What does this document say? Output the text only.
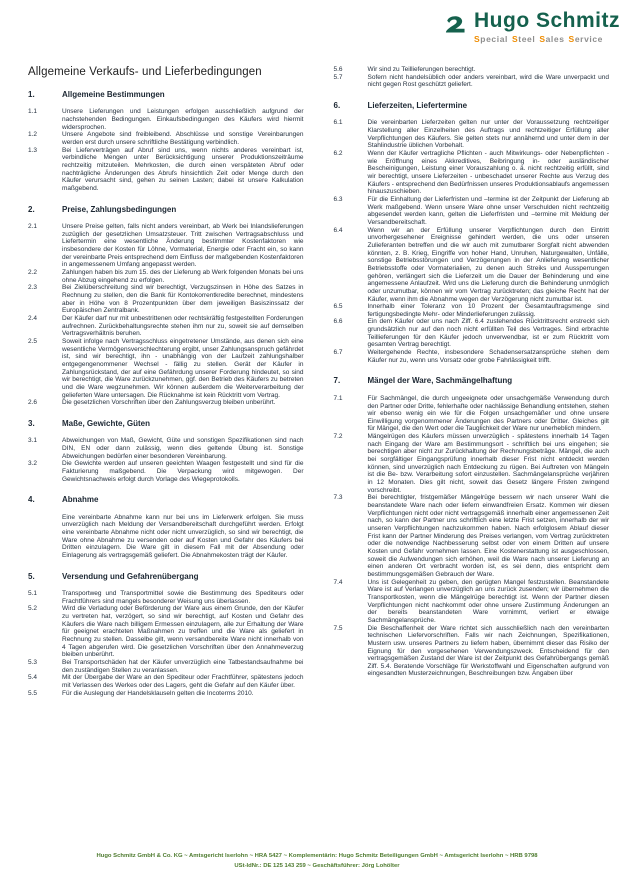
Hugo Schmitz
Special Steel Sales Service
Allgemeine Verkaufs- und Lieferbedingungen
1.	Allgemeine Bestimmungen
1.1	Unsere Lieferungen und Leistungen erfolgen ausschließlich aufgrund der nachstehenden Bedingungen. Einkaufsbedingungen des Käufers wird hiermit widersprochen.
1.2	Unsere Angebote sind freibleibend. Abschlüsse und sonstige Vereinbarungen werden erst durch unsere schriftliche Bestätigung verbindlich.
1.3	Bei Lieferverträgen auf Abruf sind uns, wenn nichts anderes vereinbart ist, verbindliche Mengen unter Berücksichtigung unserer Produktionszeiträume rechtzeitig mitzuteilen. Mehrkosten, die durch einen verspäteten Abruf oder nachträgliche Änderungen des Abrufs hinsichtlich Zeit oder Menge durch den Käufer verursacht sind, gehen zu seinen Lasten; dabei ist unsere Kalkulation maßgebend.
2.	Preise, Zahlungsbedingungen
2.1	Unsere Preise gelten, falls nicht anders vereinbart, ab Werk bei Inlandslieferungen zuzüglich der gesetzlichen Umsatzsteuer. Tritt zwischen Vertragsabschluss und Liefertermin eine wesentliche Änderung bestimmter Kostenfaktoren wie insbesondere der Kosten für Löhne, Vormaterial, Energie oder Fracht ein, so kann der vereinbarte Preis entsprechend dem Einfluss der maßgebenden Kostenfaktoren in angemessenem Umfang angepasst werden.
2.2	Zahlungen haben bis zum 15. des der Lieferung ab Werk folgenden Monats bei uns ohne Abzug eingehend zu erfolgen.
2.3	Bei Zielüberschreitung sind wir berechtigt, Verzugszinsen in Höhe des Satzes in Rechnung zu stellen, den die Bank für Kontokorrentkredite berechnet, mindestens aber in Höhe von 8 Prozentpunkten über dem jeweiligen Basiszinssatz der Europäischen Zentralbank.
2.4	Der Käufer darf nur mit unbestrittenen oder rechtskräftig festgestellten Forderungen aufrechnen. Zurückbehaltungsrechte stehen ihm nur zu, soweit sie auf demselben Vertragsverhältnis beruhen.
2.5	Soweit infolge nach Vertragsschluss eingetretener Umstände, aus denen sich eine wesentliche Vermögensverschlechterung ergibt, unser Zahlungsanspruch gefährdet ist, sind wir berechtigt, ihn - unabhängig von der Laufzeit zahlungshalber entgegengenommener Wechsel - fällig zu stellen. Gerät der Käufer in Zahlungsrückstand, der auf eine Gefährdung unserer Forderung hindeutet, so sind wir berechtigt, die Ware zurückzunehmen, ggf. den Betrieb des Käufers zu betreten und die Ware wegzunehmen. Wir können außerdem die Weiterverarbeitung der gelieferten Ware untersagen. Die Rücknahme ist kein Rücktritt vom Vertrag.
2.6	Die gesetzlichen Vorschriften über den Zahlungsverzug bleiben unberührt.
3.	Maße, Gewichte, Güten
3.1	Abweichungen von Maß, Gewicht, Güte und sonstigen Spezifikationen sind nach DIN, EN oder dann zulässig, wenn dies geltende Übung ist. Sonstige Abweichungen bedürfen einer besonderen Vereinbarung.
3.2	Die Gewichte werden auf unseren geeichten Waagen festgestellt und sind für die Fakturierung maßgebend. Die Verpackung wird mitgewogen. Der Gewichtsnachweis erfolgt durch Vorlage des Wiegeprotokolls.
4.	Abnahme
Eine vereinbarte Abnahme kann nur bei uns im Lieferwerk erfolgen. Sie muss unverzüglich nach Meldung der Versandbereitschaft durchgeführt werden. Erfolgt eine vereinbarte Abnahme nicht oder nicht unverzüglich, so sind wir berechtigt, die Ware ohne Abnahme zu versenden oder auf Kosten und Gefahr des Käufers bei Dritten einzulagern. Die Ware gilt in diesem Fall mit der Absendung oder Einlagerung als vertragsgemäß geliefert. Die Abnahmekosten trägt der Käufer.
5.	Versendung und Gefahrenübergang
5.1	Transportweg und Transportmittel sowie die Bestimmung des Spediteurs oder Frachtführers sind mangels besonderer Weisung uns überlassen.
5.2	Wird die Verladung oder Beförderung der Ware aus einem Grunde, den der Käufer zu vertreten hat, verzögert, so sind wir berechtigt, auf Kosten und Gefahr des Käufers die Ware nach billigem Ermessen einzulagern, alle zur Erhaltung der Ware für geeignet erachteten Maßnahmen zu treffen und die Ware als geliefert in Rechnung zu stellen. Dasselbe gilt, wenn versandbereite Ware nicht innerhalb von 4 Tagen abgerufen wird. Die gesetzlichen Vorschriften über den Annahmeverzug bleiben unberührt.
5.3	Bei Transportschäden hat der Käufer unverzüglich eine Tatbestandsaufnahme bei den zuständigen Stellen zu veranlassen.
5.4	Mit der Übergabe der Ware an den Spediteur oder Frachtführer, spätestens jedoch mit Verlassen des Werkes oder des Lagers, geht die Gefahr auf den Käufer über.
5.5	Für die Auslegung der Handelsklauseln gelten die Incoterms 2010.
5.6	Wir sind zu Teillieferungen berechtigt.
5.7	Sofern nicht handelsüblich oder anders vereinbart, wird die Ware unverpackt und nicht gegen Rost geschützt geliefert.
6.	Lieferzeiten, Liefertermine
6.1	Die vereinbarten Lieferzeiten gelten nur unter der Voraussetzung rechtzeitiger Klarstellung aller Einzelheiten des Auftrags und rechtzeitiger Erfüllung aller Verpflichtungen des Käufers. Sie gelten stets nur annähernd und unter dem in der Stahlindustrie üblichen Vorbehalt.
6.2	Wenn der Käufer vertragliche Pflichten - auch Mitwirkungs- oder Nebenpflichten - wie Eröffnung eines Akkreditives, Beibringung in- oder ausländischer Bescheinigungen, Leistung einer Vorauszahlung o. ä. nicht rechtzeitig erfüllt, sind wir berechtigt, unsere Lieferzeiten - unbeschadet unserer Rechte aus Verzug des Käufers - entsprechend den Bedürfnissen unseres Produktionsablaufs angemessen hinauszuschieben.
6.3	Für die Einhaltung der Lieferfristen und –termine ist der Zeitpunkt der Lieferung ab Werk maßgebend. Wenn unsere Ware ohne unser Verschulden nicht rechtzeitig abgesendet werden kann, gelten die Lieferfristen und –termine mit Meldung der Versandbereitschaft.
6.4	Wenn wir an der Erfüllung unserer Verpflichtungen durch den Eintritt unvorhergesehener Ereignisse gehindert werden, die uns oder unseren Zulieferanten betreffen und die wir auch mit zumutbarer Sorgfalt nicht abwenden könnten, z. B. Krieg, Eingriffe von hoher Hand, Unruhen, Naturgewalten, Unfälle, sonstige Betriebsstörungen und Verzögerungen in der Anlieferung wesentlicher Betriebsstoffe oder Vormaterialien, zu denen auch Streiks und Aussperrungen gehören, verlängert sich die Lieferzeit um die Dauer der Behinderung und eine angemessene Anlaufzeit. Wird uns die Lieferung durch die Behinderung unmöglich oder unzumutbar, können wir vom Vertrag zurücktreten; das gleiche Recht hat der Käufer, wenn ihm die Abnahme wegen der Verzögerung nicht zumutbar ist.
6.5	Innerhalb einer Toleranz von 10 Prozent der Gesamtauftragsmenge sind fertigungsbedingte Mehr- oder Minderlieferungen zulässig.
6.6	Ein dem Käufer oder uns nach Ziff. 6.4 zustehendes Rücktrittsrecht erstreckt sich grundsätzlich nur auf den noch nicht erfüllten Teil des Vertrages. Sind erbrachte Teillieferungen für den Käufer jedoch unverwendbar, ist er zum Rücktritt vom gesamten Vertrag berechtigt.
6.7	Weitergehende Rechte, insbesondere Schadensersatzansprüche stehen dem Käufer nur zu, wenn uns Vorsatz oder grobe Fahrlässigkeit trifft.
7.	Mängel der Ware, Sachmängelhaftung
7.1	Für Sachmängel, die durch ungeeignete oder unsachgemäße Verwendung durch den Partner oder Dritte, fehlerhafte oder nachlässige Behandlung entstehen, stehen wir ebenso wenig ein wie für die Folgen unsachgemäßer und ohne unsere Einwilligung vorgenommener Änderungen des Partners oder Dritter. Gleiches gilt für Mängel, die den Wert oder die Tauglichkeit der Ware nur unerheblich mindern.
7.2	Mängelrügen des Käufers müssen unverzüglich - spätestens innerhalb 14 Tagen nach Eingang der Ware am Bestimmungsort - schriftlich bei uns eingehen; sie berechtigen aber nicht zur Zurückhaltung der Rechnungsbeträge. Mängel, die auch bei sorgfältiger Eingangsprüfung innerhalb dieser Frist nicht entdeckt werden können, sind unverzüglich nach Entdeckung zu rügen. Bei Auftreten von Mängeln ist die Be- bzw. Verarbeitung sofort einzustellen. Sachmängelansprüche verjähren in 12 Monaten. Dies gilt nicht, soweit das Gesetz längere Fristen zwingend vorschreibt.
7.3	Bei berechtigter, fristgemäßer Mängelrüge bessern wir nach unserer Wahl die beanstandete Ware nach oder liefern einwandfreien Ersatz. Kommen wir diesen Verpflichtungen nicht oder nicht vertragsgemäß innerhalb einer angemessenen Zeit nach, so kann der Partner uns schriftlich eine letzte Frist setzen, innerhalb der wir unseren Verpflichtungen nachzukommen haben. Nach erfolglosem Ablauf dieser Frist kann der Partner Minderung des Preises verlangen, vom Vertrag zurücktreten oder die notwendige Nachbesserung selbst oder von einem Dritten auf unsere Kosten und Gefahr vornehmen lassen. Eine Kostenerstattung ist ausgeschlossen, soweit die Aufwendungen sich erhöhen, weil die Ware nach unserer Lieferung an einen anderen Ort verbracht worden ist, es sei denn, dies entspricht dem bestimmungsgemäßen Gebrauch der Ware.
7.4	Uns ist Gelegenheit zu geben, den gerügten Mangel festzustellen. Beanstandete Ware ist auf Verlangen unverzüglich an uns zurück zusenden; wir übernehmen die Transportkosten, wenn die Mängelrüge berechtigt ist. Wenn der Partner diesen Verpflichtungen nicht nachkommt oder ohne unsere Zustimmung Änderungen an der bereits beanstandeten Ware vornimmt, verliert er etwaige Sachmängelansprüche.
7.5	Die Beschaffenheit der Ware richtet sich ausschließlich nach den vereinbarten technischen Liefervorschriften. Falls wir nach Zeichnungen, Spezifikationen, Mustern usw. unseres Partners zu liefern haben, übernimmt dieser das Risiko der Eignung für den vorgesehenen Verwendungszweck. Entscheidend für den vertragsgemäßen Zustand der Ware ist der Zeitpunkt des Gefahrübergangs gemäß Ziff. 5.4. Beratende Vorschläge für Werkstoffwahl und Eigenschaften aufgrund von eingesandten Musterzeichnungen, Beschreibungen bzw. Angaben über
Hugo Schmitz GmbH & Co. KG ~ Amtsgericht Iserlohn ~ HRA 5427 ~ Komplementärin: Hugo Schmitz Beteiligungen GmbH ~ Amtsgericht Iserlohn ~ HRB 9798
USt-IdNr.: DE 125 143 259 ~ Geschäftsführer: Jörg Lohölter
